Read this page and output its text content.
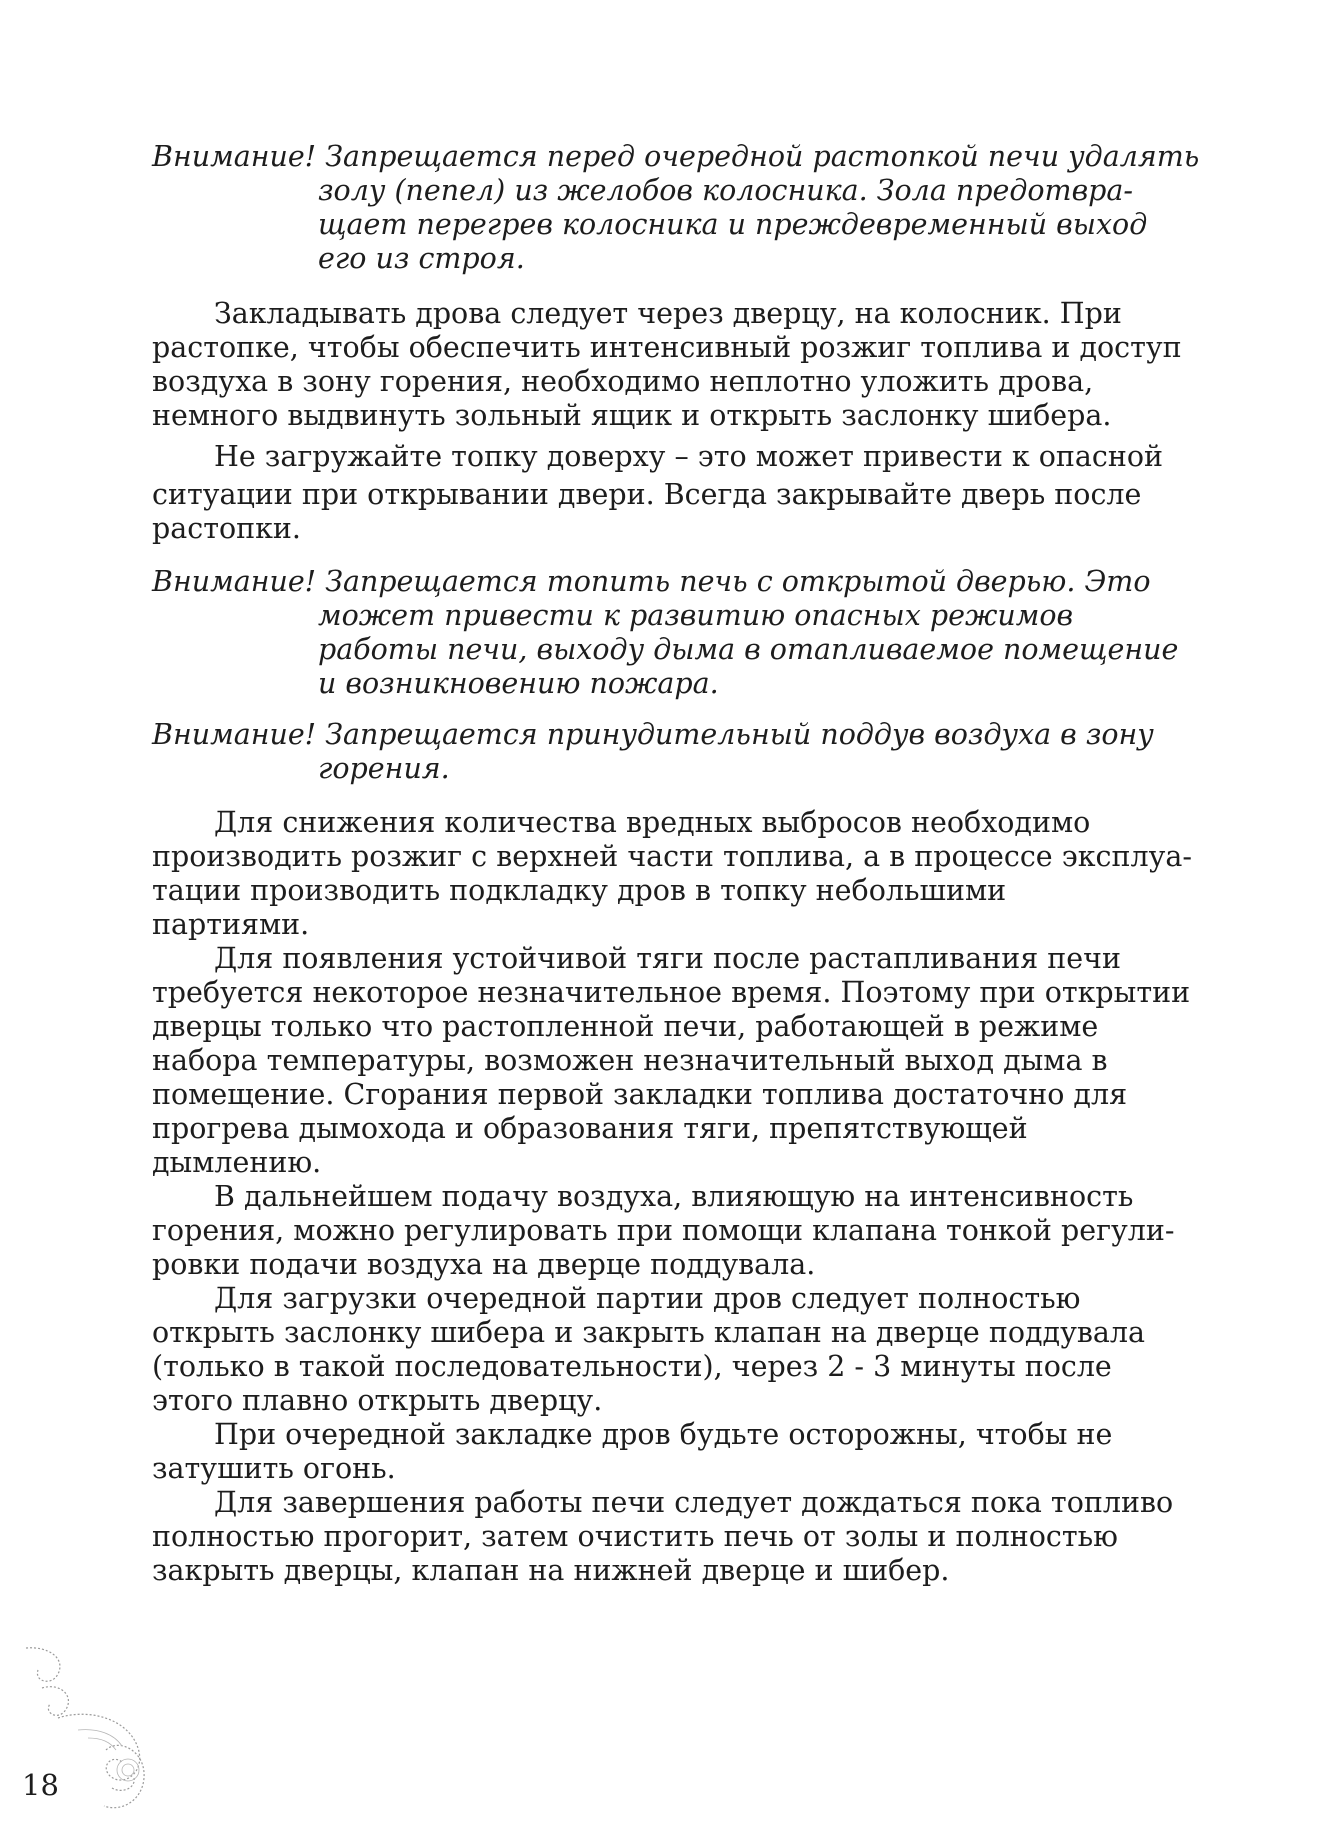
Внимание! Запрещается перед очередной растопкой печи удалять
золу (пепел) из желобов колосника. Зола предотвра-
щает перегрев колосника и преждевременный выход
его из строя.
Закладывать дрова следует через дверцу, на колосник. При
растопке, чтобы обеспечить интенсивный розжиг топлива и доступ
воздуха в зону горения, необходимо неплотно уложить дрова,
немного выдвинуть зольный ящик и открыть заслонку шибера.
Не загружайте топку доверху – это может привести к опасной
ситуации при открывании двери. Всегда закрывайте дверь после
растопки.
Внимание! Запрещается топить печь с открытой дверью. Это
может привести к развитию опасных режимов
работы печи, выходу дыма в отапливаемое помещение
и возникновению пожара.
Внимание! Запрещается принудительный поддув воздуха в зону
горения.
Для снижения количества вредных выбросов необходимо
производить розжиг с верхней части топлива, а в процессе эксплуа-
тации производить подкладку дров в топку небольшими
партиями.
Для появления устойчивой тяги после растапливания печи
требуется некоторое незначительное время. Поэтому при открытии
дверцы только что растопленной печи, работающей в режиме
набора температуры, возможен незначительный выход дыма в
помещение. Сгорания первой закладки топлива достаточно для
прогрева дымохода и образования тяги, препятствующей
дымлению.
В дальнейшем подачу воздуха, влияющую на интенсивность
горения, можно регулировать при помощи клапана тонкой регули-
ровки подачи воздуха на дверце поддувала.
Для загрузки очередной партии дров следует полностью
открыть заслонку шибера и закрыть клапан на дверце поддувала
(только в такой последовательности), через 2 - 3 минуты после
этого плавно открыть дверцу.
При очередной закладке дров будьте осторожны, чтобы не
затушить огонь.
Для завершения работы печи следует дождаться пока топливо
полностью прогорит, затем очистить печь от золы и полностью
закрыть дверцы, клапан на нижней дверце и шибер.
18
